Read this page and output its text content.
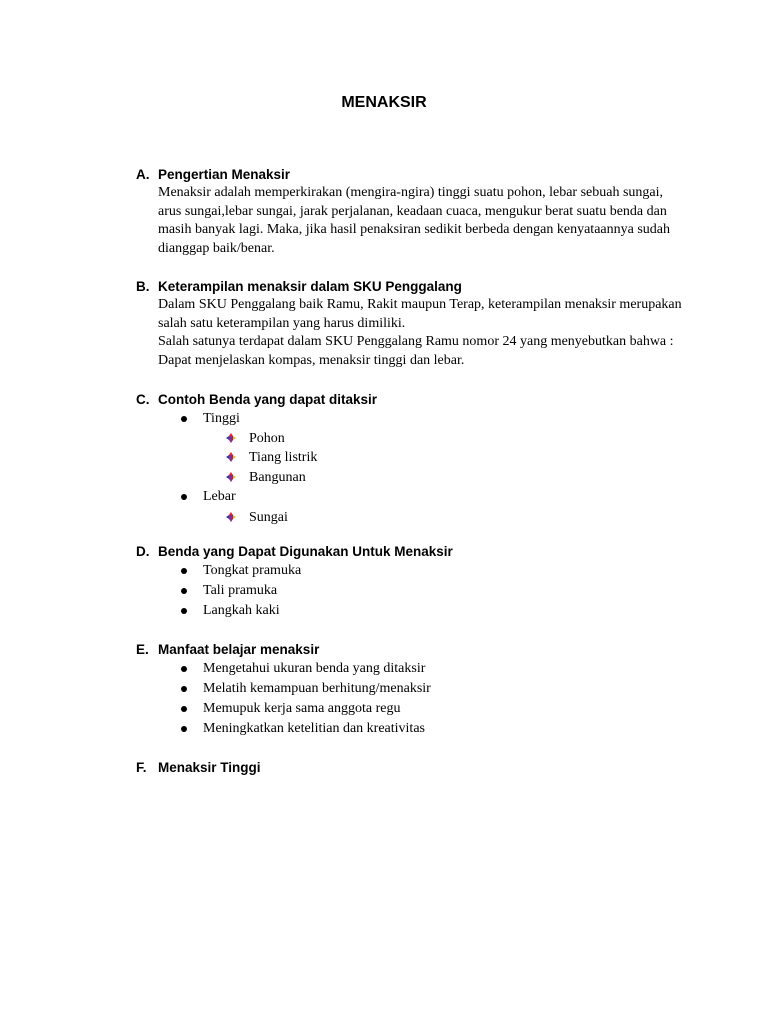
MENAKSIR
A. Pengertian Menaksir

Menaksir adalah memperkirakan (mengira-ngira) tinggi suatu pohon, lebar sebuah sungai,
arus sungai,lebar sungai, jarak perjalanan, keadaan cuaca, mengukur berat suatu benda dan
masih banyak lagi. Maka, jika hasil penaksiran sedikit berbeda dengan kenyataannya sudah
dianggap baik/benar.

B. Keterampilan menaksir dalam SKU Penggalang

Dalam SKU Penggalang baik Ramu, Rakit maupun Terap, keterampilan menaksir merupakan
salah satu keterampilan yang harus dimiliki.
Salah satunya terdapat dalam SKU Penggalang Ramu nomor 24 yang menyebutkan bahwa :
Dapat menjelaskan kompas, menaksir tinggi dan lebar.

C. Contoh Benda yang dapat ditaksir
Tinggi
Pohon
Tiang listrik
Bangunan
Lebar
Sungai
D. Benda yang Dapat Digunakan Untuk Menaksir
Tongkat pramuka
Tali pramuka
Langkah kaki
E. Manfaat belajar menaksir
Mengetahui ukuran benda yang ditaksir
Melatih kemampuan berhitung/menaksir
Memupuk kerja sama anggota regu
Meningkatkan ketelitian dan kreativitas
F. Menaksir Tinggi
